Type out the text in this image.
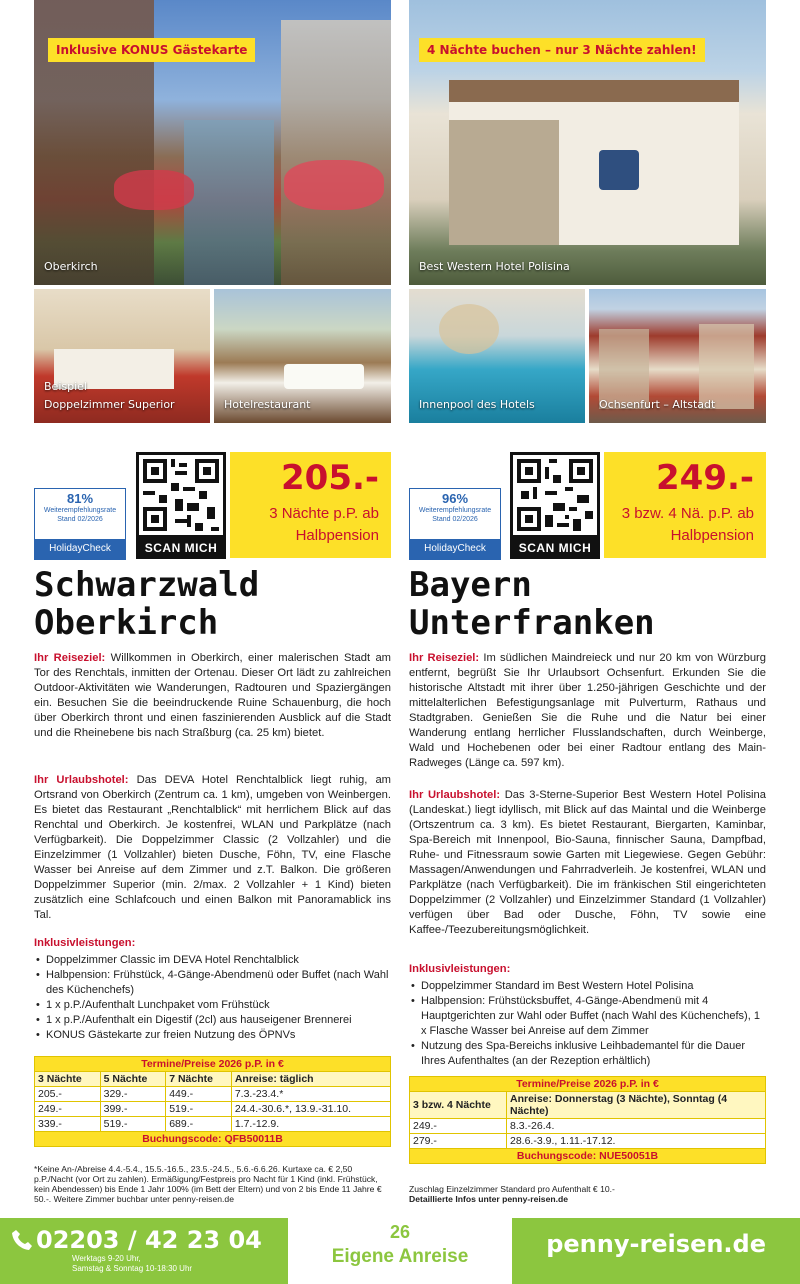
Inklusive KONUS Gästekarte
Oberkirch
Beispiel
Doppelzimmer Superior	Hotelrestaurant
81%
Weiterempfehlungsrate
Stand 02/2026
HolidayCheck	SCAN MICH
205.-
3 Nächte p.P. ab
Halbpension
Schwarzwald
Oberkirch
Ihr Reiseziel: Willkommen in Oberkirch, einer malerischen Stadt am Tor des Renchtals, inmitten der Ortenau. Dieser Ort lädt zu zahlreichen Outdoor-Aktivitäten wie Wanderungen, Radtouren und Spaziergängen ein. Besuchen Sie die beeindruckende Ruine Schauenburg, die hoch über Oberkirch thront und einen faszinierenden Ausblick auf die Stadt und die Rheinebene bis nach Straßburg (ca. 25 km) bietet.
Ihr Urlaubshotel: Das DEVA Hotel Renchtalblick liegt ruhig, am Ortsrand von Oberkirch (Zentrum ca. 1 km), umgeben von Weinbergen. Es bietet das Restaurant „Renchtalblick“ mit herrlichem Blick auf das Renchtal und Oberkirch. Je kostenfrei, WLAN und Parkplätze (nach Verfügbarkeit). Die Doppelzimmer Classic (2 Vollzahler) und die Einzelzimmer (1 Vollzahler) bieten Dusche, Föhn, TV, eine Flasche Wasser bei Anreise auf dem Zimmer und z.T. Balkon. Die größeren Doppelzimmer Superior (min. 2/max. 2 Vollzahler + 1 Kind) bieten zusätzlich eine Schlafcouch und einen Balkon mit Panoramablick ins Tal.
Inklusivleistungen:
• Doppelzimmer Classic im DEVA Hotel Renchtalblick
• Halbpension: Frühstück, 4-Gänge-Abendmenü oder Buffet (nach Wahl des Küchenchefs)
• 1 x p.P./Aufenthalt Lunchpaket vom Frühstück
• 1 x p.P./Aufenthalt ein Digestif (2cl) aus hauseigener Brennerei
• KONUS Gästekarte zur freien Nutzung des ÖPNVs
Termine/Preise 2026 p.P. in €			
3 Nächte	5 Nächte	7 Nächte	Anreise: täglich
205.-	329.-	449.-	7.3.-23.4.*
249.-	399.-	519.-	24.4.-30.6.*, 13.9.-31.10.
339.-	519.-	689.-	1.7.-12.9.
Buchungscode: QFB50011B			
*Keine An-/Abreise 4.4.-5.4., 15.5.-16.5., 23.5.-24.5., 5.6.-6.6.26. Kurtaxe ca. € 2,50 p.P./Nacht (vor Ort zu zahlen). Ermäßigung/Festpreis pro Nacht für 1 Kind (inkl. Frühstück, kein Abendessen) bis Ende 1 Jahr 100% (im Bett der Eltern) und von 2 bis Ende 11 Jahre € 50.-. Weitere Zimmer buchbar unter penny-reisen.de
4 Nächte buchen – nur 3 Nächte zahlen!
Best Western Hotel Polisina
Innenpool des Hotels	Ochsenfurt – Altstadt
96%
Weiterempfehlungsrate
Stand 02/2026
HolidayCheck	SCAN MICH
249.-
3 bzw. 4 Nä. p.P. ab
Halbpension
Bayern
Unterfranken
Ihr Reiseziel: Im südlichen Maindreieck und nur 20 km von Würzburg entfernt, begrüßt Sie Ihr Urlaubsort Ochsenfurt. Erkunden Sie die historische Altstadt mit ihrer über 1.250-jährigen Geschichte und der mittelalterlichen Befestigungsanlage mit Pulverturm, Rathaus und Stadtgraben. Genießen Sie die Ruhe und die Natur bei einer Wanderung entlang herrlicher Flusslandschaften, durch Weinberge, Wald und Hochebenen oder bei einer Radtour entlang des Main-Radweges (Länge ca. 597 km).
Ihr Urlaubshotel: Das 3-Sterne-Superior Best Western Hotel Polisina (Landeskat.) liegt idyllisch, mit Blick auf das Maintal und die Weinberge (Ortszentrum ca. 3 km). Es bietet Restaurant, Biergarten, Kaminbar, Spa-Bereich mit Innenpool, Bio-Sauna, finnischer Sauna, Dampfbad, Ruhe- und Fitnessraum sowie Garten mit Liegewiese. Gegen Gebühr: Massagen/Anwendungen und Fahrradverleih. Je kostenfrei, WLAN und Parkplätze (nach Verfügbarkeit). Die im fränkischen Stil eingerichteten Doppelzimmer (2 Vollzahler) und Einzelzimmer Standard (1 Vollzahler) verfügen über Bad oder Dusche, Föhn, TV sowie eine Kaffee-/Teezubereitungsmöglichkeit.
Inklusivleistungen:
• Doppelzimmer Standard im Best Western Hotel Polisina
• Halbpension: Frühstücksbuffet, 4-Gänge-Abendmenü mit 4 Hauptgerichten zur Wahl oder Buffet (nach Wahl des Küchenchefs), 1 x Flasche Wasser bei Anreise auf dem Zimmer
• Nutzung des Spa-Bereichs inklusive Leihbademantel für die Dauer Ihres Aufenthaltes (an der Rezeption erhältlich)
Termine/Preise 2026 p.P. in €	
3 bzw. 4 Nächte	Anreise: Donnerstag (3 Nächte), Sonntag (4 Nächte)
249.-	8.3.-26.4.
279.-	28.6.-3.9., 1.11.-17.12.
Buchungscode: NUE50051B	
Zuschlag Einzelzimmer Standard pro Aufenthalt € 10.-
Detaillierte Infos unter penny-reisen.de
02203 / 42 23 04
Werktags 9-20 Uhr,
Samstag & Sonntag 10-18:30 Uhr
26
Eigene Anreise	penny-reisen.de
